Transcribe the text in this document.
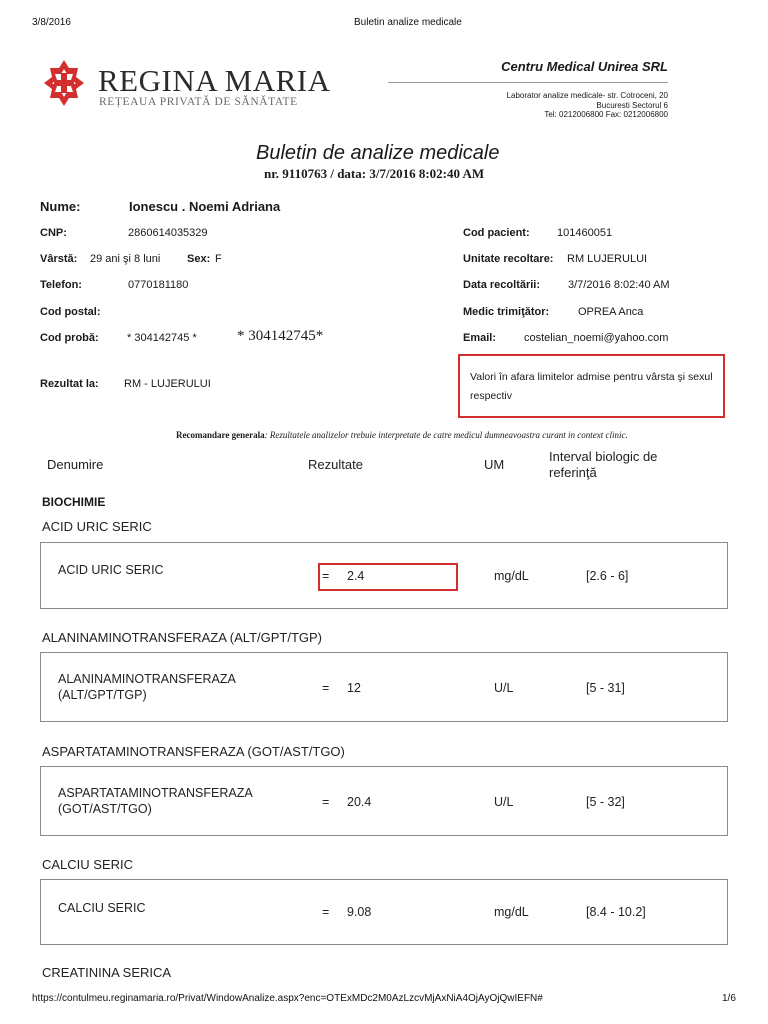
3/8/2016	Buletin analize medicale
REGINA MARIA
REȚEAUA PRIVATĂ DE SĂNĂTATE
Centru Medical Unirea SRL
Laborator analize medicale- str. Cotroceni, 20
Bucuresti Sectorul 6
Tel: 0212006800 Fax: 0212006800
Buletin de analize medicale
nr. 9110763 / data: 3/7/2016 8:02:40 AM
Nume:	Ionescu . Noemi Adriana
CNP:	2860614035329
Vârstă: 29 ani şi 8 luni Sex: F
Telefon:	0770181180
Cod postal:
Cod probă:	* 304142745 *	* 304142745*
Rezultat la: RM - LUJERULUI
Cod pacient: 101460051
Unitate recoltare: RM LUJERULUI
Data recoltării:	3/7/2016 8:02:40 AM
Medic trimiţător:	OPREA Anca
Email:	costelian_noemi@yahoo.com
Valori în afara limitelor admise pentru vârsta şi sexul respectiv
Recomandare generala: Rezultatele analizelor trebuie interpretate de catre medicul dumneavoastra curant in context clinic.
Denumire	Rezultate	UM
Interval biologic de
referinţă
BIOCHIMIE
ACID URIC SERIC
ACID URIC SERIC	= 2.4	mg/dL	[2.6 - 6]
ALANINAMINOTRANSFERAZA (ALT/GPT/TGP)
ALANINAMINOTRANSFERAZA
(ALT/GPT/TGP)	= 12	U/L	[5 - 31]
ASPARTATAMINOTRANSFERAZA (GOT/AST/TGO)
ASPARTATAMINOTRANSFERAZA
(GOT/AST/TGO)	= 20.4	U/L	[5 - 32]
CALCIU SERIC
CALCIU SERIC	= 9.08	mg/dL	[8.4 - 10.2]
CREATININA SERICA
https://contulmeu.reginamaria.ro/Privat/WindowAnalize.aspx?enc=OTExMDc2M0AzLzcvMjAxNiA4OjAyOjQwIEFN#	1/6
